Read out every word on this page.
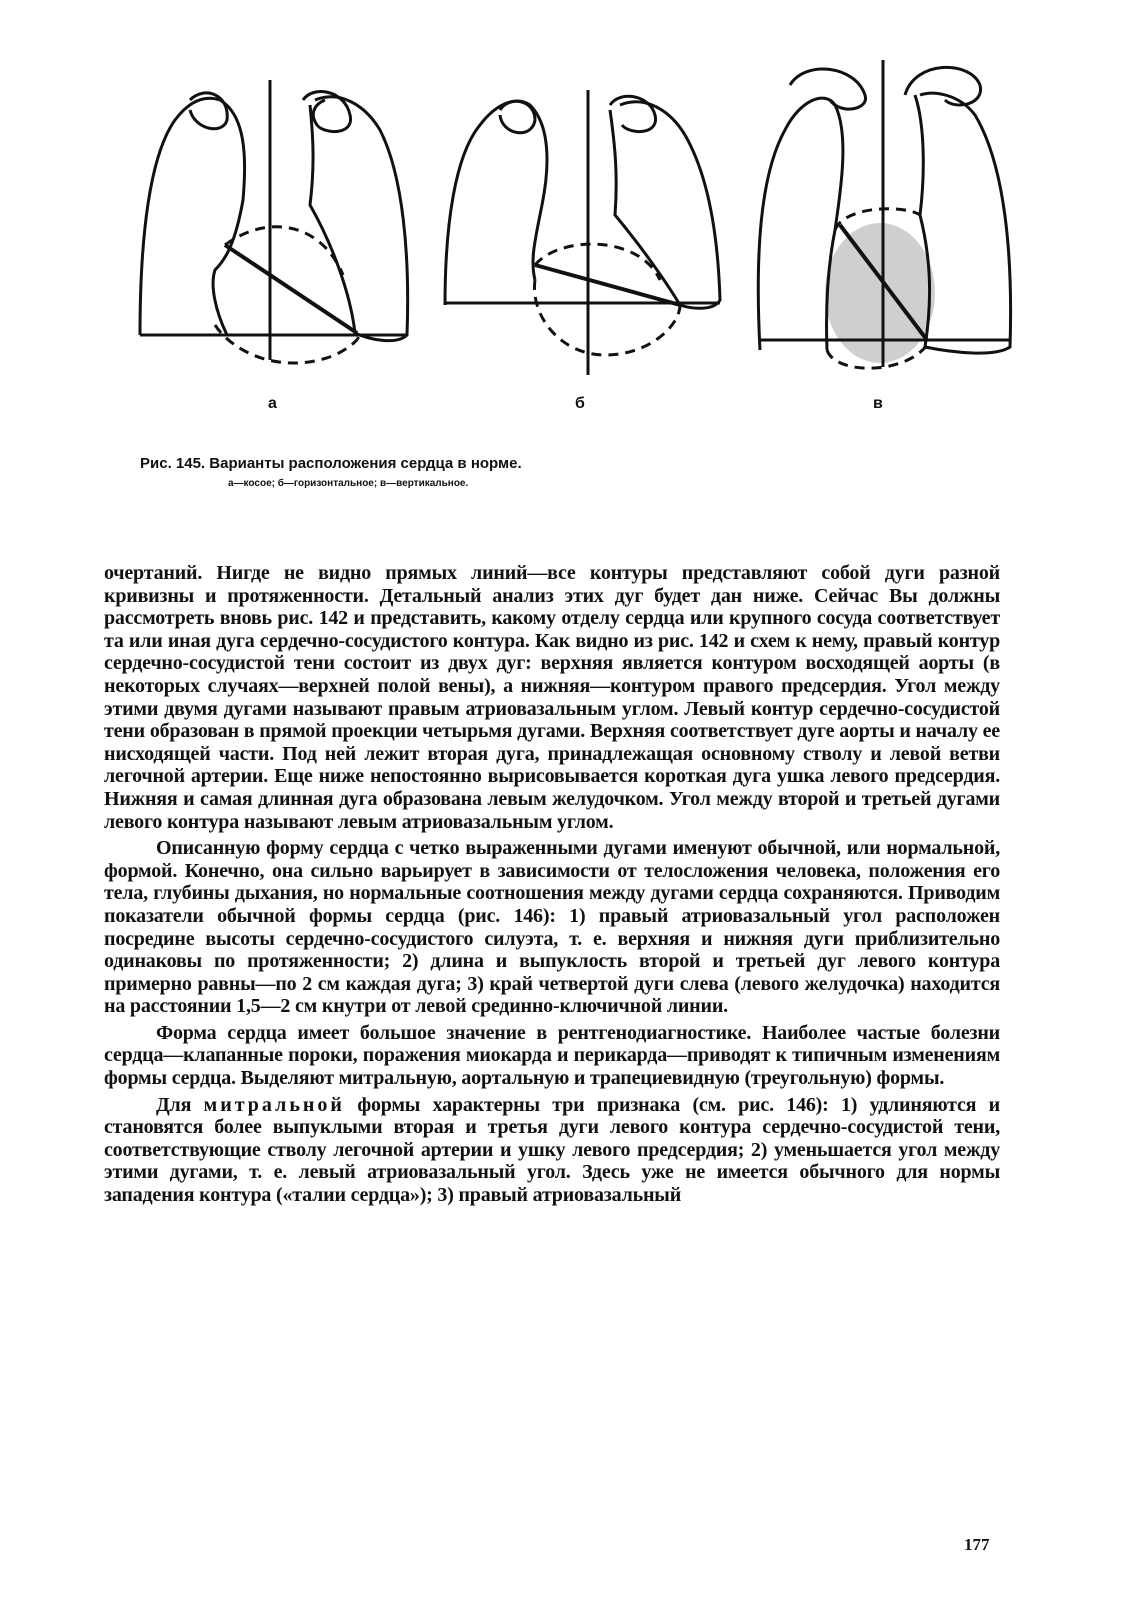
а	б	в
Рис. 145. Варианты расположения сердца в норме.
а—косое; б—горизонтальное; в—вертикальное.

очертаний. Нигде не видно прямых линий—все контуры представляют собой дуги разной кривизны и протяженности. Детальный анализ этих дуг будет дан ниже. Сейчас Вы должны рассмотреть вновь рис. 142 и представить, какому отделу сердца или крупного сосуда соответствует та или иная дуга сердечно-сосудистого контура. Как видно из рис. 142 и схем к нему, правый контур сердечно-сосудистой тени состоит из двух дуг: верхняя является контуром восходящей аорты (в некоторых случаях—верхней полой вены), а нижняя—контуром правого предсердия. Угол между этими двумя дугами называют правым атриовазальным углом. Левый контур сердечно-сосудистой тени образован в прямой проекции четырьмя дугами. Верхняя соответствует дуге аорты и началу ее нисходящей части. Под ней лежит вторая дуга, принадлежащая основному стволу и левой ветви легочной артерии. Еще ниже непостоянно вырисовывается короткая дуга ушка левого предсердия. Нижняя и самая длинная дуга образована левым желудочком. Угол между второй и третьей дугами левого контура называют левым атриовазальным углом.

Описанную форму сердца с четко выраженными дугами именуют обычной, или нормальной, формой. Конечно, она сильно варьирует в зависимости от телосложения человека, положения его тела, глубины дыхания, но нормальные соотношения между дугами сердца сохраняются. Приводим показатели обычной формы сердца (рис. 146): 1) правый атриовазальный угол расположен посредине высоты сердечно-сосудистого силуэта, т. е. верхняя и нижняя дуги приблизительно одинаковы по протяженности; 2) длина и выпуклость второй и третьей дуг левого контура примерно равны—по 2 см каждая дуга; 3) край четвертой дуги слева (левого желудочка) находится на расстоянии 1,5—2 см кнутри от левой срединно-ключичной линии.

Форма сердца имеет большое значение в рентгенодиагностике. Наиболее частые болезни сердца—клапанные пороки, поражения миокарда и перикарда—приводят к типичным изменениям формы сердца. Выделяют митральную, аортальную и трапециевидную (треугольную) формы.

Для митральной формы характерны три признака (см. рис. 146): 1) удлиняются и становятся более выпуклыми вторая и третья дуги левого контура сердечно-сосудистой тени, соответствующие стволу легочной артерии и ушку левого предсердия; 2) уменьшается угол между этими дугами, т. е. левый атриовазальный угол. Здесь уже не имеется обычного для нормы западения контура («талии сердца»); 3) правый атриовазальный

177
